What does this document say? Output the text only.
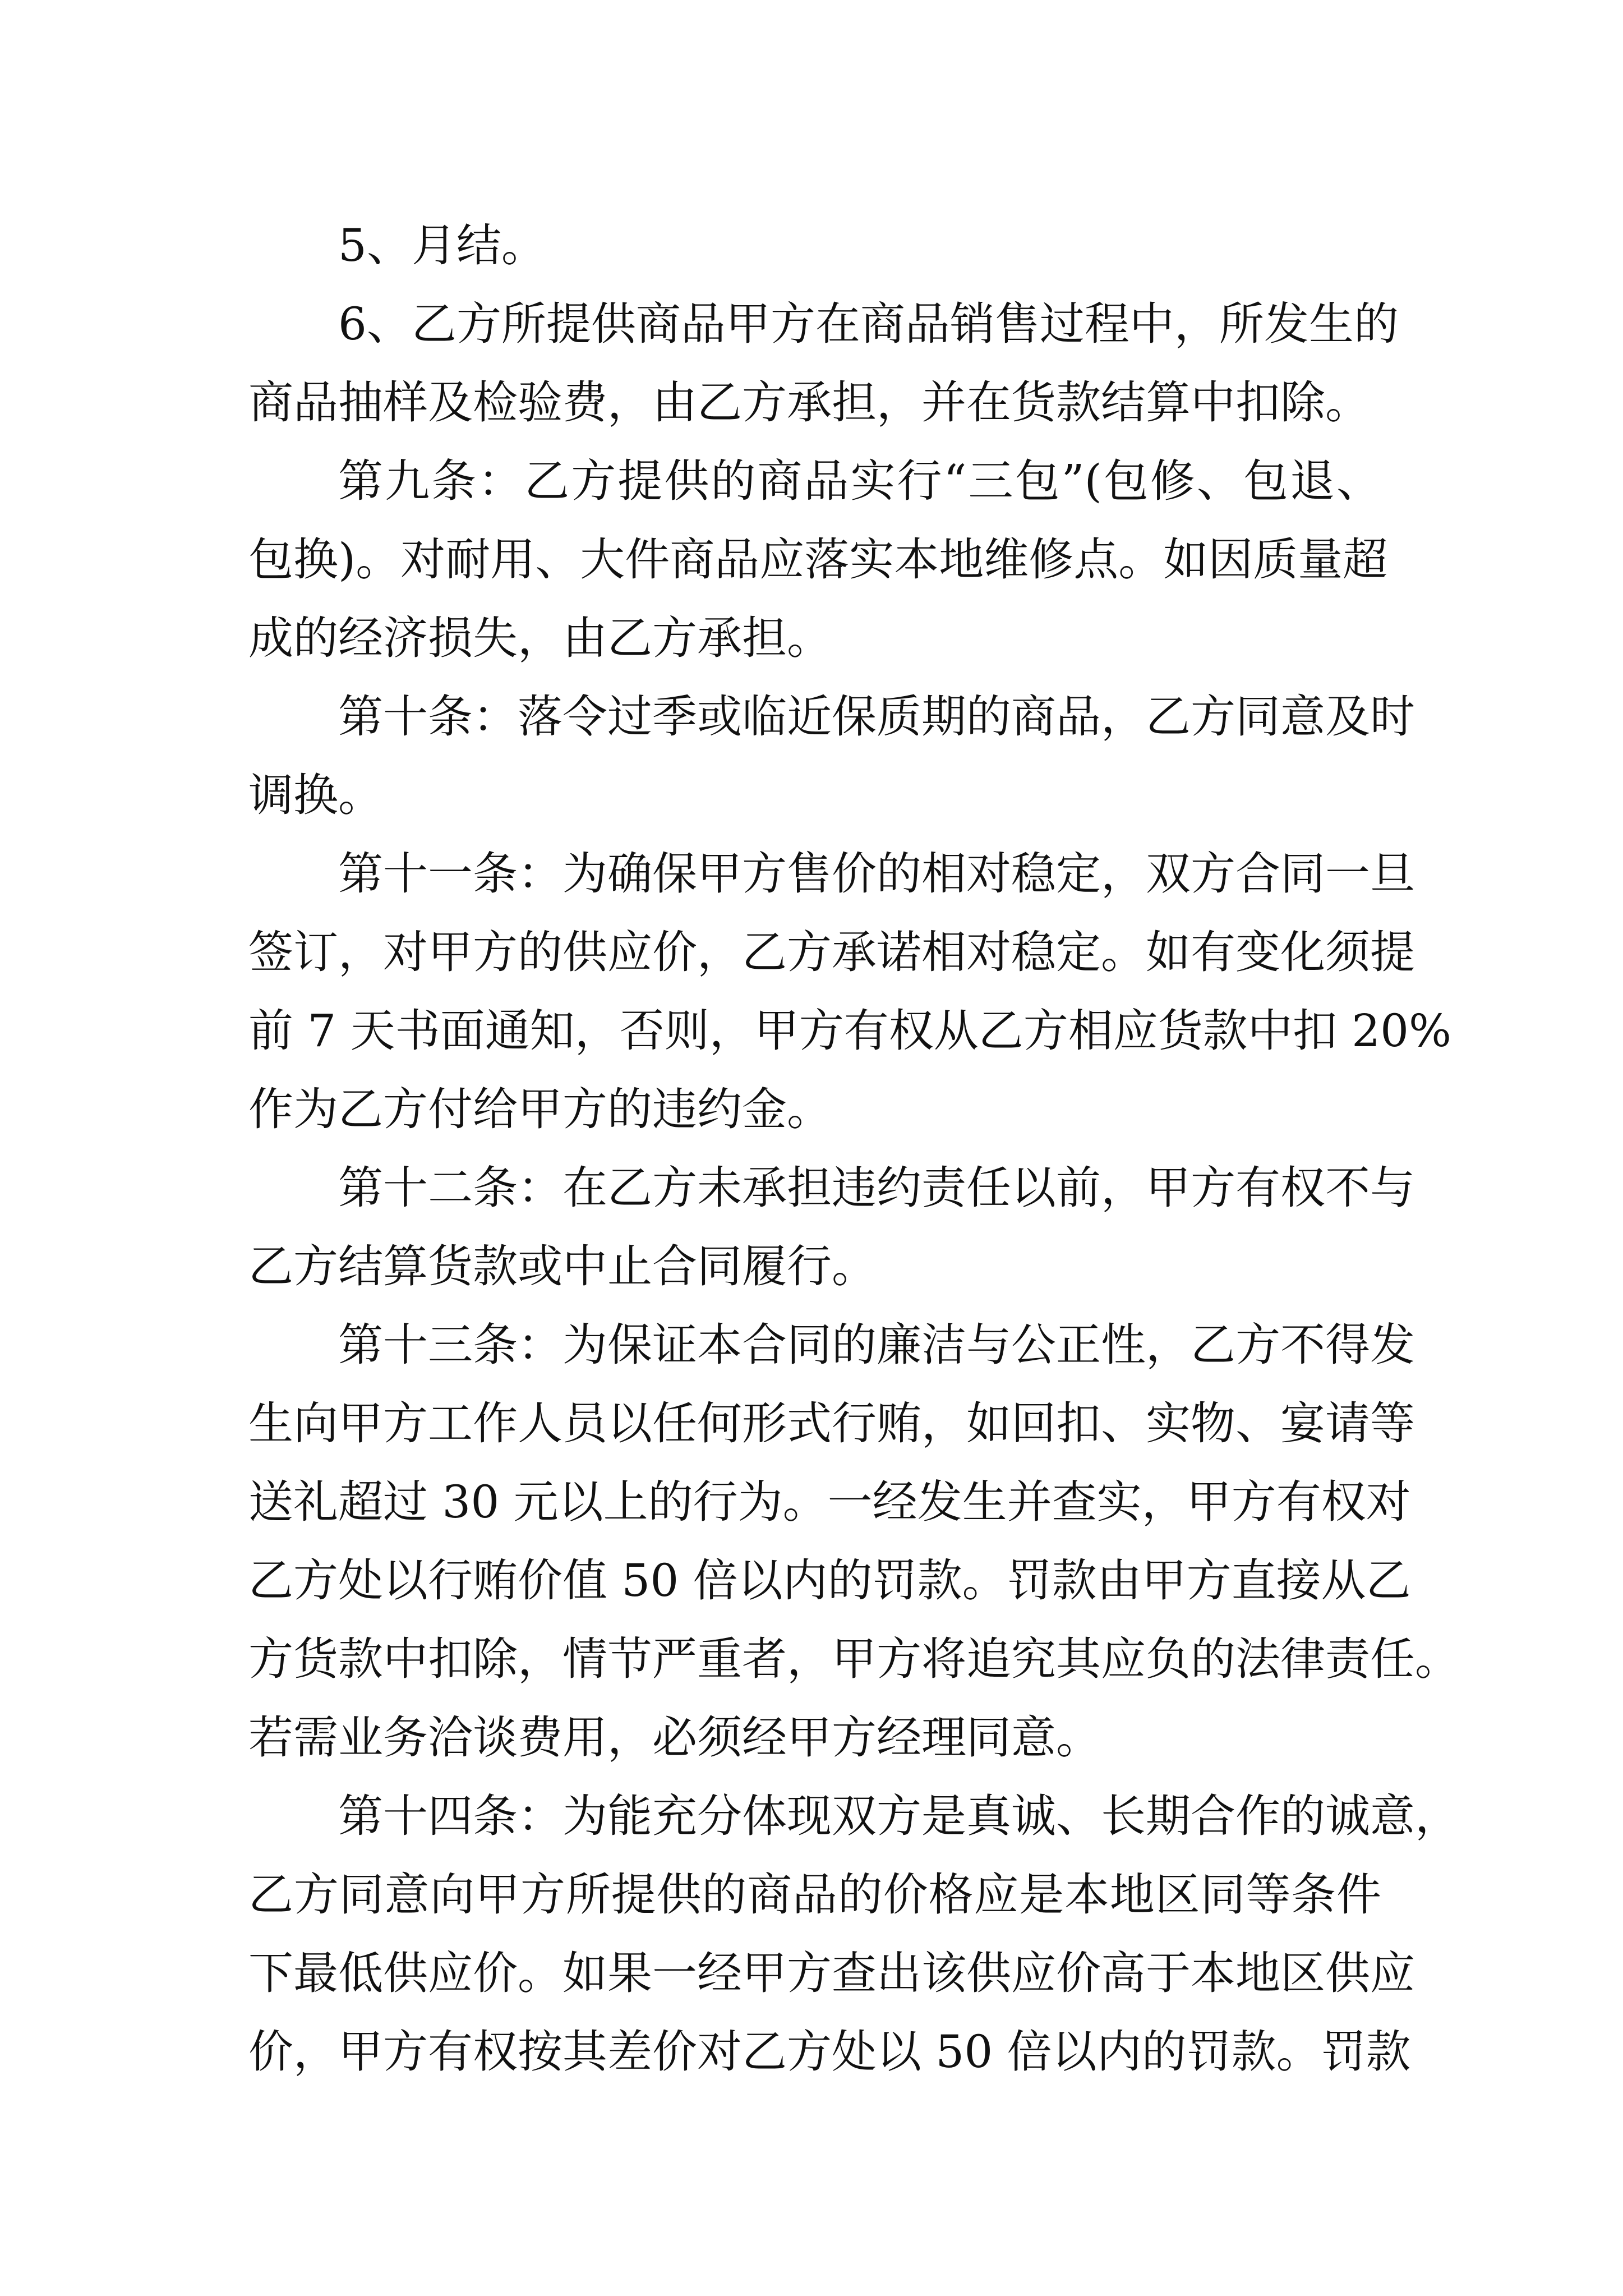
5、月结。
6、乙方所提供商品甲方在商品销售过程中，所发生的
商品抽样及检验费，由乙方承担，并在货款结算中扣除。
第九条：乙方提供的商品实行“三包”(包修、包退、
包换)。对耐用、大件商品应落实本地维修点。如因质量超
成的经济损失，由乙方承担。
第十条：落令过季或临近保质期的商品，乙方同意及时
调换。
第十一条：为确保甲方售价的相对稳定，双方合同一旦
签订，对甲方的供应价，乙方承诺相对稳定。如有变化须提
前 7 天书面通知，否则，甲方有权从乙方相应货款中扣 20%
作为乙方付给甲方的违约金。
第十二条：在乙方未承担违约责任以前，甲方有权不与
乙方结算货款或中止合同履行。
第十三条：为保证本合同的廉洁与公正性，乙方不得发
生向甲方工作人员以任何形式行贿，如回扣、实物、宴请等
送礼超过 30 元以上的行为。一经发生并查实，甲方有权对
乙方处以行贿价值 50 倍以内的罚款。罚款由甲方直接从乙
方货款中扣除，情节严重者，甲方将追究其应负的法律责任。
若需业务洽谈费用，必须经甲方经理同意。
第十四条：为能充分体现双方是真诚、长期合作的诚意，
乙方同意向甲方所提供的商品的价格应是本地区同等条件
下最低供应价。如果一经甲方查出该供应价高于本地区供应
价，甲方有权按其差价对乙方处以 50 倍以内的罚款。罚款
